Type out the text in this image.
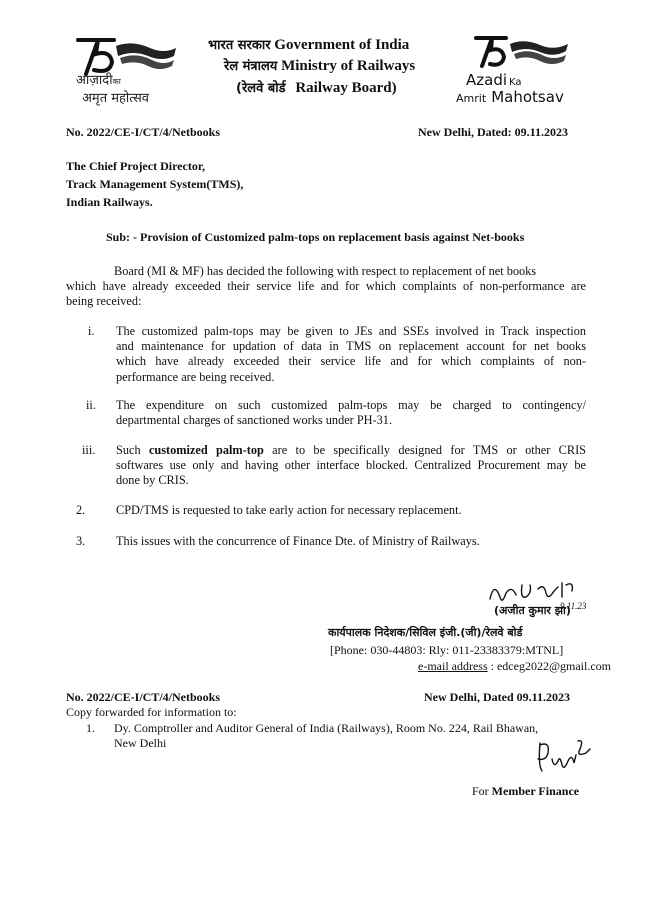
आज़ादीका
अमृत महोत्सव
भारत सरकार Government of India
रेल मंत्रालय Ministry of Railways
(रेलवे बोर्ड Railway Board)	Azadi Ka
Amrit Mahotsav
No. 2022/CE-I/CT/4/Netbooks	New Delhi, Dated: 09.11.2023
The Chief Project Director,
Track Management System(TMS),
Indian Railways.
Sub: - Provision of Customized palm-tops on replacement basis against Net-books
Board (MI & MF) has decided the following with respect to replacement of net books
which have already exceeded their service life and for which complaints of non-performance are
being received:
i. The customized palm-tops may be given to JEs and SSEs involved in Track inspection
and maintenance for updation of data in TMS on replacement account for net books
which have already exceeded their service life and for which complaints of non-
performance are being received.
ii. The expenditure on such customized palm-tops may be charged to contingency/
departmental charges of sanctioned works under PH-31.
iii. Such customized palm-top are to be specifically designed for TMS or other CRIS
softwares use only and having other interface blocked. Centralized Procurement may be
done by CRIS.
2.	CPD/TMS is requested to take early action for necessary replacement.
3.	This issues with the concurrence of Finance Dte. of Ministry of Railways.
9.11.23
(अजीत कुमार झा)
कार्यपालक निदेशक/सिविल इंजी.(जी)/रेलवे बोर्ड
[Phone: 030-44803: Rly: 011-23383379:MTNL]
e-mail address : edceg2022@gmail.com
No. 2022/CE-I/CT/4/Netbooks	New Delhi, Dated 09.11.2023
Copy forwarded for information to:
1. Dy. Comptroller and Auditor General of India (Railways), Room No. 224, Rail Bhawan,
New Delhi
For Member Finance
